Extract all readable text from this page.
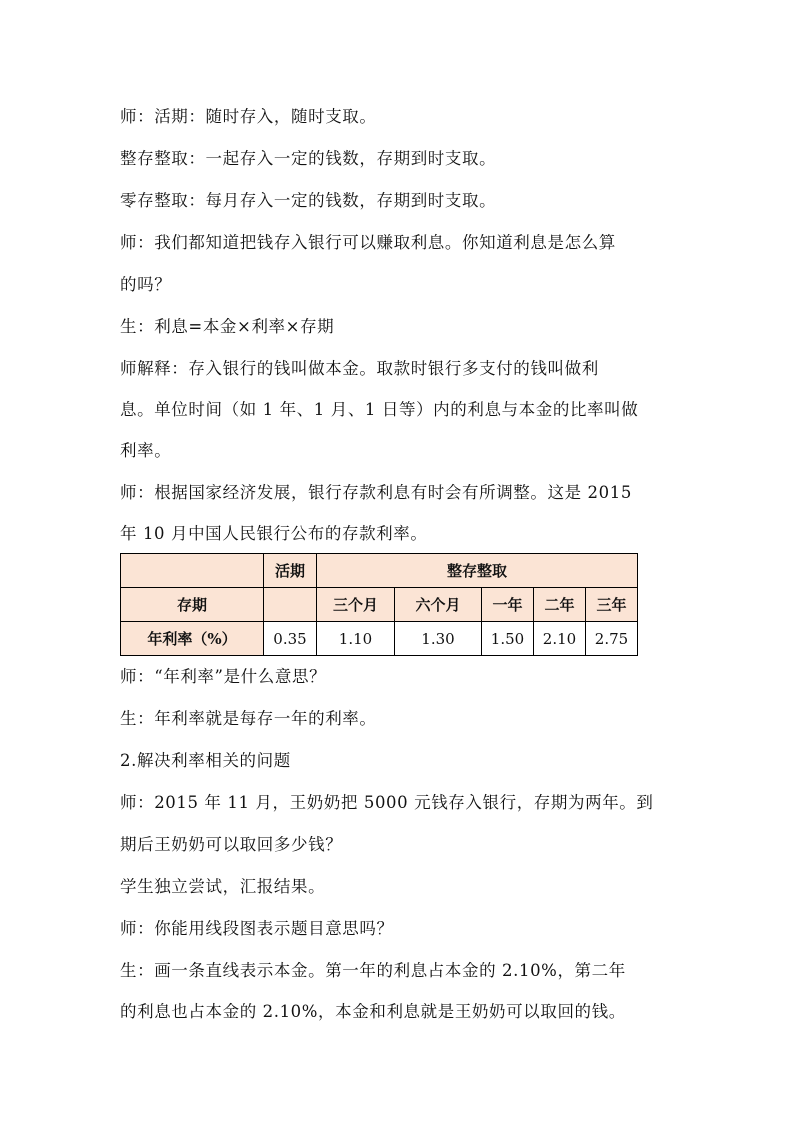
师：活期：随时存入，随时支取。
整存整取：一起存入一定的钱数，存期到时支取。
零存整取：每月存入一定的钱数，存期到时支取。
师：我们都知道把钱存入银行可以赚取利息。你知道利息是怎么算
的吗？
生：利息=本金×利率×存期
师解释：存入银行的钱叫做本金。取款时银行多支付的钱叫做利
息。单位时间（如 1 年、1 月、1 日等）内的利息与本金的比率叫做
利率。
师：根据国家经济发展，银行存款利息有时会有所调整。这是 2015
年 10 月中国人民银行公布的存款利率。
	活期	整存整取				
存期		三个月	六个月	一年	二年	三年
年利率（%）	0.35	1.10	1.30	1.50	2.10	2.75
师：“年利率”是什么意思？
生：年利率就是每存一年的利率。
2.解决利率相关的问题
师：2015 年 11 月，王奶奶把 5000 元钱存入银行，存期为两年。到
期后王奶奶可以取回多少钱？
学生独立尝试，汇报结果。
师：你能用线段图表示题目意思吗？
生：画一条直线表示本金。第一年的利息占本金的 2.10%，第二年
的利息也占本金的 2.10%，本金和利息就是王奶奶可以取回的钱。
